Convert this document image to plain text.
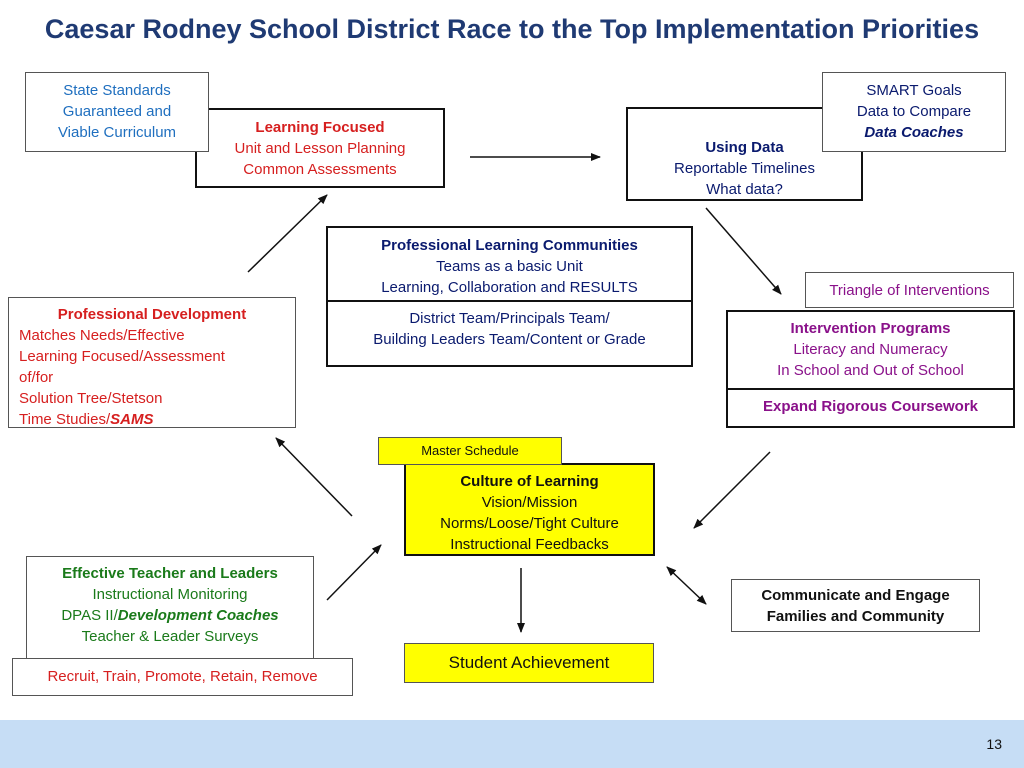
Caesar Rodney School District Race to the Top Implementation Priorities
Learning Focused
Unit and Lesson Planning
Common Assessments
State Standards
Guaranteed and
Viable Curriculum
Using Data
Reportable Timelines
What data?
SMART Goals
Data to Compare
Data Coaches
Professional Learning Communities
Teams as a basic Unit
Learning, Collaboration and RESULTS
District Team/Principals Team/
Building Leaders Team/Content or Grade
Intervention Programs
Literacy and Numeracy
In School and Out of School
Expand Rigorous Coursework
Triangle of Interventions
Professional Development
Matches Needs/Effective
Learning Focused/Assessment
of/for
Solution Tree/Stetson
Time Studies/SAMS
Culture of Learning
Vision/Mission
Norms/Loose/Tight Culture
Instructional Feedbacks
Master Schedule
Effective Teacher and Leaders
Instructional Monitoring
DPAS II/Development Coaches
Teacher & Leader Surveys
Recruit, Train, Promote, Retain, Remove
Communicate and Engage
Families and Community
Student Achievement
13
